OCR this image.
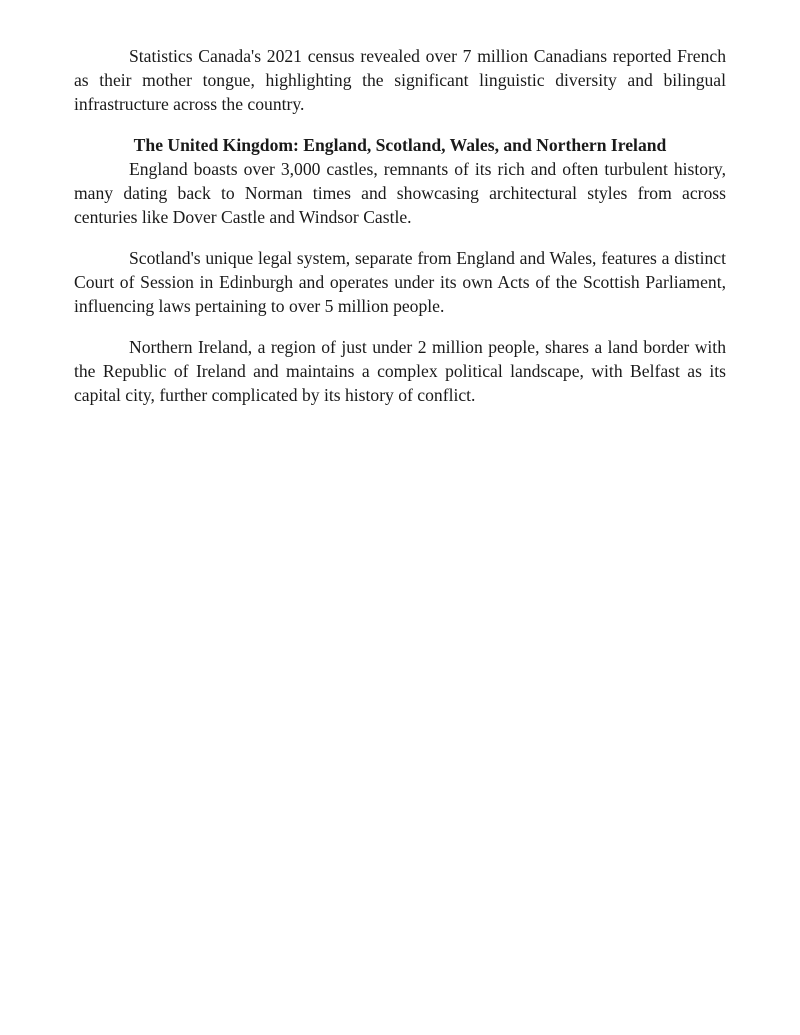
Statistics Canada's 2021 census revealed over 7 million Canadians reported French as their mother tongue, highlighting the significant linguistic diversity and bilingual infrastructure across the country.

The United Kingdom: England, Scotland, Wales, and Northern Ireland

England boasts over 3,000 castles, remnants of its rich and often turbulent history, many dating back to Norman times and showcasing architectural styles from across centuries like Dover Castle and Windsor Castle.

Scotland's unique legal system, separate from England and Wales, features a distinct Court of Session in Edinburgh and operates under its own Acts of the Scottish Parliament, influencing laws pertaining to over 5 million people.

Northern Ireland, a region of just under 2 million people, shares a land border with the Republic of Ireland and maintains a complex political landscape, with Belfast as its capital city, further complicated by its history of conflict.
